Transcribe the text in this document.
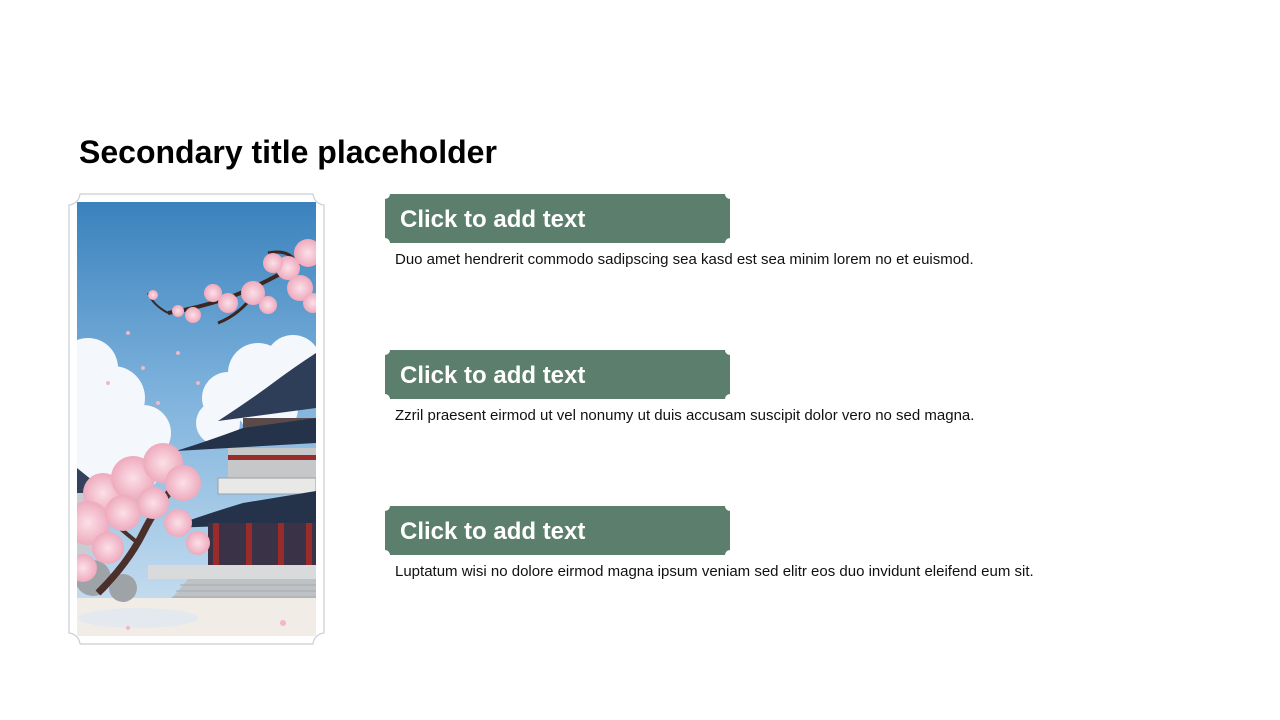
Secondary title placeholder
Click to add text

Duo amet hendrerit commodo sadipscing sea kasd est sea minim lorem no et euismod.

Click to add text

Zzril praesent eirmod ut vel nonumy ut duis accusam suscipit dolor vero no sed magna.

Click to add text

Luptatum wisi no dolore eirmod magna ipsum veniam sed elitr eos duo invidunt eleifend eum sit.
